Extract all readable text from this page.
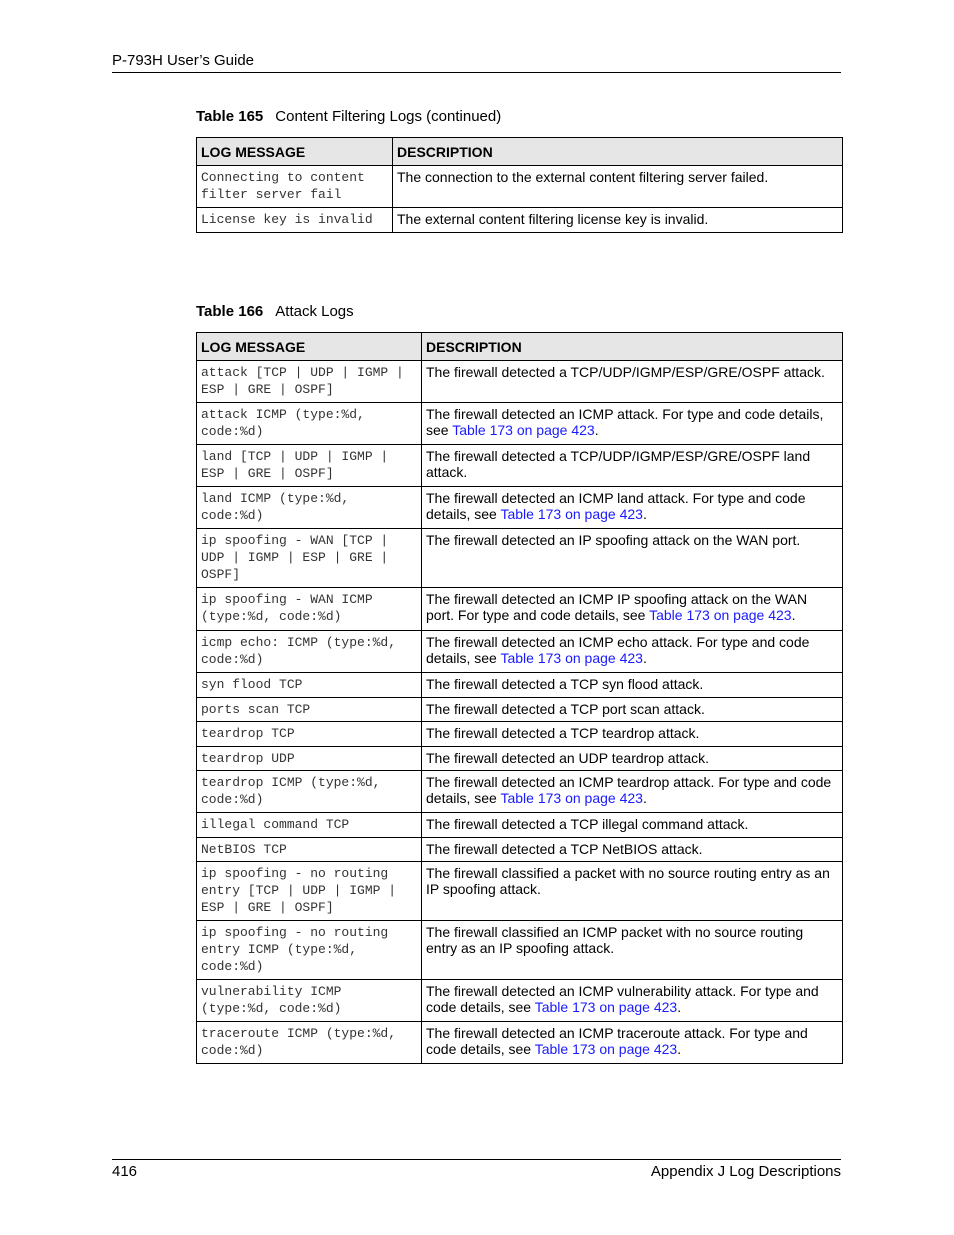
P-793H User’s Guide
Table 165 Content Filtering Logs (continued)
LOG MESSAGE	DESCRIPTION
Connecting to content filter server fail	The connection to the external content filtering server failed.
License key is invalid	The external content filtering license key is invalid.
Table 166 Attack Logs
LOG MESSAGE	DESCRIPTION
attack [TCP | UDP | IGMP | ESP | GRE | OSPF]	The firewall detected a TCP/UDP/IGMP/ESP/GRE/OSPF attack.
attack ICMP (type:%d, code:%d)	The firewall detected an ICMP attack. For type and code details, see Table 173 on page 423.
land [TCP | UDP | IGMP | ESP | GRE | OSPF]	The firewall detected a TCP/UDP/IGMP/ESP/GRE/OSPF land attack.
land ICMP (type:%d, code:%d)	The firewall detected an ICMP land attack. For type and code details, see Table 173 on page 423.
ip spoofing - WAN [TCP | UDP | IGMP | ESP | GRE | OSPF]	The firewall detected an IP spoofing attack on the WAN port.
ip spoofing - WAN ICMP (type:%d, code:%d)	The firewall detected an ICMP IP spoofing attack on the WAN port. For type and code details, see Table 173 on page 423.
icmp echo: ICMP (type:%d, code:%d)	The firewall detected an ICMP echo attack. For type and code details, see Table 173 on page 423.
syn flood TCP	The firewall detected a TCP syn flood attack.
ports scan TCP	The firewall detected a TCP port scan attack.
teardrop TCP	The firewall detected a TCP teardrop attack.
teardrop UDP	The firewall detected an UDP teardrop attack.
teardrop ICMP (type:%d, code:%d)	The firewall detected an ICMP teardrop attack. For type and code details, see Table 173 on page 423.
illegal command TCP	The firewall detected a TCP illegal command attack.
NetBIOS TCP	The firewall detected a TCP NetBIOS attack.
ip spoofing - no routing entry [TCP | UDP | IGMP | ESP | GRE | OSPF]	The firewall classified a packet with no source routing entry as an IP spoofing attack.
ip spoofing - no routing entry ICMP (type:%d, code:%d)	The firewall classified an ICMP packet with no source routing entry as an IP spoofing attack.
vulnerability ICMP (type:%d, code:%d)	The firewall detected an ICMP vulnerability attack. For type and code details, see Table 173 on page 423.
traceroute ICMP (type:%d, code:%d)	The firewall detected an ICMP traceroute attack. For type and code details, see Table 173 on page 423.
416	Appendix J Log Descriptions
